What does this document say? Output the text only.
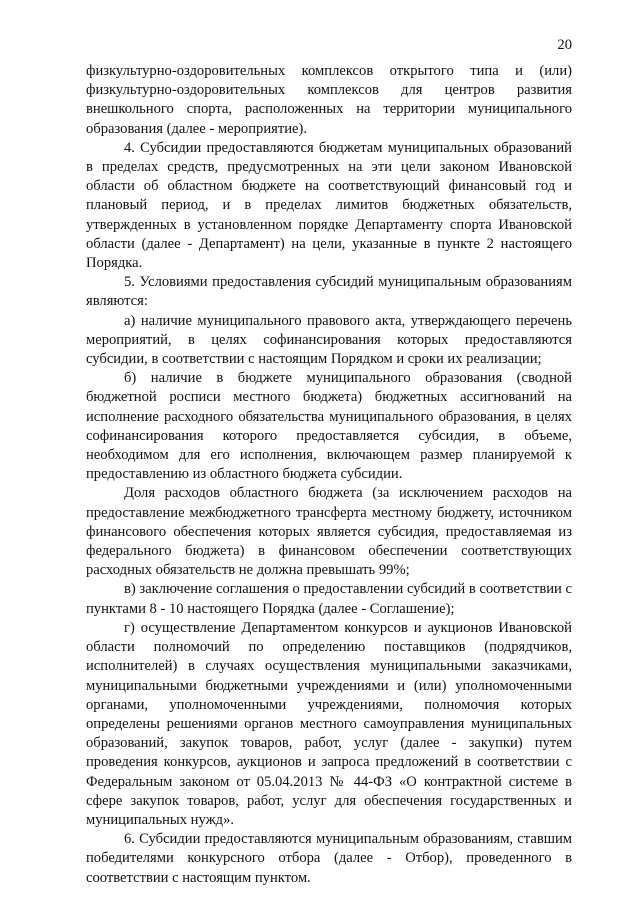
20

физкультурно-оздоровительных комплексов открытого типа и (или) физкультурно-оздоровительных комплексов для центров развития внешкольного спорта, расположенных на территории муниципального образования (далее - мероприятие).

4. Субсидии предоставляются бюджетам муниципальных образований в пределах средств, предусмотренных на эти цели законом Ивановской области об областном бюджете на соответствующий финансовый год и плановый период, и в пределах лимитов бюджетных обязательств, утвержденных в установленном порядке Департаменту спорта Ивановской области (далее - Департамент) на цели, указанные в пункте 2 настоящего Порядка.

5. Условиями предоставления субсидий муниципальным образованиям являются:

а) наличие муниципального правового акта, утверждающего перечень мероприятий, в целях софинансирования которых предоставляются субсидии, в соответствии с настоящим Порядком и сроки их реализации;

б) наличие в бюджете муниципального образования (сводной бюджетной росписи местного бюджета) бюджетных ассигнований на исполнение расходного обязательства муниципального образования, в целях софинансирования которого предоставляется субсидия, в объеме, необходимом для его исполнения, включающем размер планируемой к предоставлению из областного бюджета субсидии.

Доля расходов областного бюджета (за исключением расходов на предоставление межбюджетного трансферта местному бюджету, источником финансового обеспечения которых является субсидия, предоставляемая из федерального бюджета) в финансовом обеспечении соответствующих расходных обязательств не должна превышать 99%;

в) заключение соглашения о предоставлении субсидий в соответствии с пунктами 8 - 10 настоящего Порядка (далее - Соглашение);

г) осуществление Департаментом конкурсов и аукционов Ивановской области полномочий по определению поставщиков (подрядчиков, исполнителей) в случаях осуществления муниципальными заказчиками, муниципальными бюджетными учреждениями и (или) уполномоченными органами, уполномоченными учреждениями, полномочия которых определены решениями органов местного самоуправления муниципальных образований, закупок товаров, работ, услуг (далее - закупки) путем проведения конкурсов, аукционов и запроса предложений в соответствии с Федеральным законом от 05.04.2013 № 44-ФЗ «О контрактной системе в сфере закупок товаров, работ, услуг для обеспечения государственных и муниципальных нужд».

6. Субсидии предоставляются муниципальным образованиям, ставшим победителями конкурсного отбора (далее - Отбор), проведенного в соответствии с настоящим пунктом.
